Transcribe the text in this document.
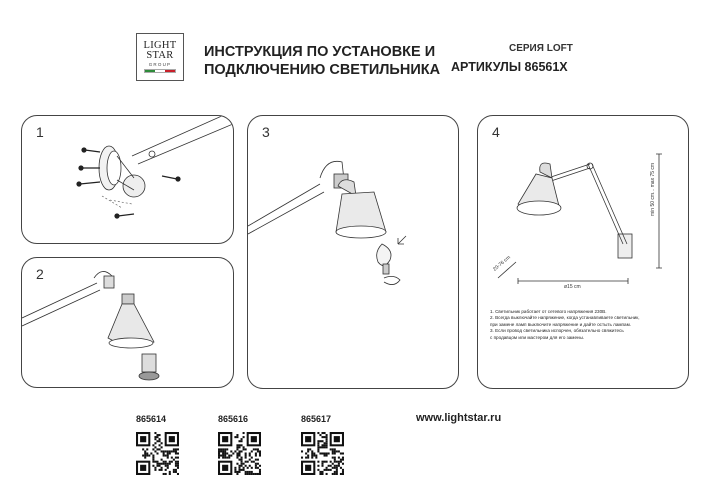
LIGHT
STAR
GROUP
ИНСТРУКЦИЯ ПО УСТАНОВКЕ И
ПОДКЛЮЧЕНИЮ СВЕТИЛЬНИКА
СЕРИЯ LOFT
АРТИКУЛЫ 86561X
1
2
3	4
min 50 cm... max 75 cm
ø15 cm
20-76 cm
1. Светильник работает от сетевого напряжения 230В.
2. Всегда выключайте напряжение, когда устанавливаете светильник,
при замене ламп выключите напряжение и дайте остыть лампам.
3. Если провод светильника испорчен, обязательно свяжитесь
с продавцом или мастером для его замены.
865614	865616	865617	www.lightstar.ru
